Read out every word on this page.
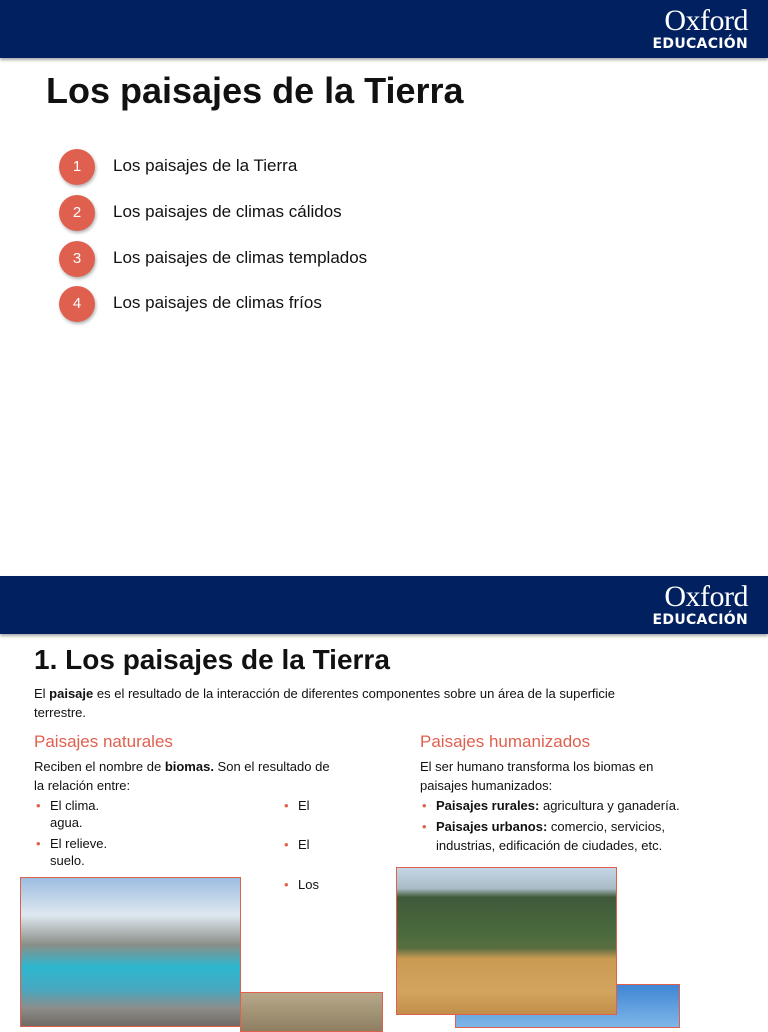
Oxford
EDUCACIÓN
Los paisajes de la Tierra
1	Los paisajes de la Tierra
2	Los paisajes de climas cálidos
3	Los paisajes de climas templados
4	Los paisajes de climas fríos
Oxford
EDUCACIÓN
1. Los paisajes de la Tierra
El paisaje es el resultado de la interacción de diferentes componentes sobre un área de la superficie terrestre.
Paisajes naturales
Reciben el nombre de biomas. Son el resultado de la relación entre:
• El clima.
agua.
• El relieve.
suelo.
• El
• El
• Los
Paisajes humanizados
El ser humano transforma los biomas en paisajes humanizados:
• Paisajes rurales: agricultura y ganadería.
• Paisajes urbanos: comercio, servicios, industrias, edificación de ciudades, etc.
